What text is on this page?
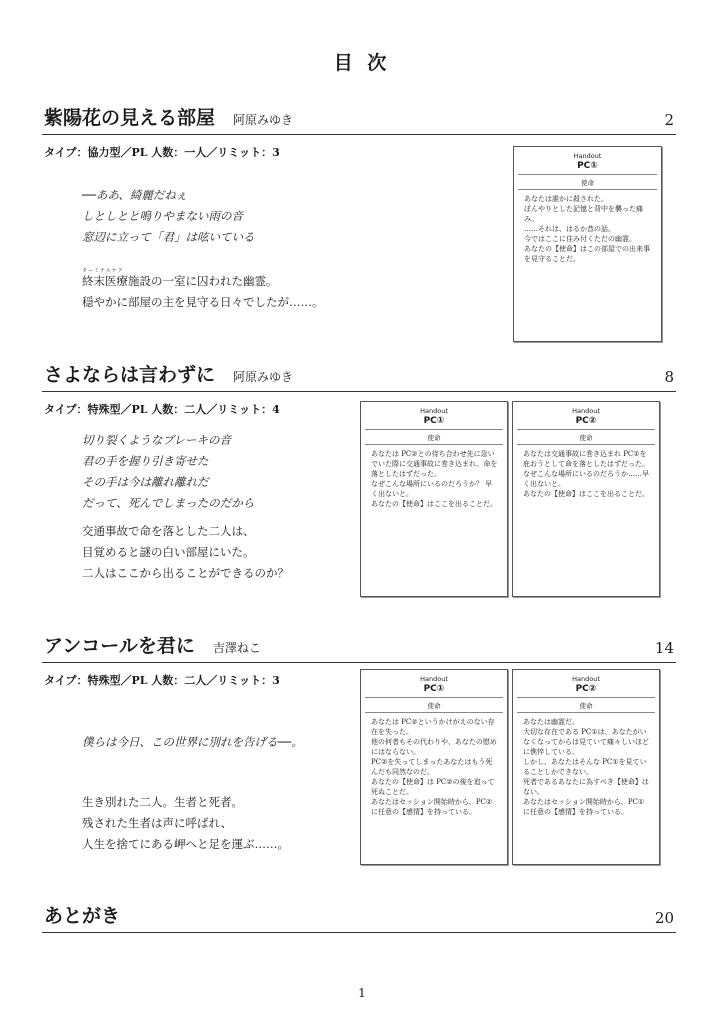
目 次
紫陽花の見える部屋 阿原みゆき	2
タイプ：協力型／PL 人数：一人／リミット：3
──ああ、綺麗だねぇ
しとしとと鳴りやまない雨の音
窓辺に立って「君」は呟いている
ターミナルケア
終末医療施設の一室に囚われた幽霊。
穏やかに部屋の主を見守る日々でしたが……。
Handout
PC①
使命
あなたは誰かに殺された。
ぼんやりとした記憶と背中を襲った痛み。
……それは、はるか昔の話。
今ではここに住み付くただの幽霊。
あなたの【使命】はこの部屋での出来事を見守ることだ。
さよならは言わずに 阿原みゆき	8
タイプ：特殊型／PL 人数：二人／リミット：4
切り裂くようなブレーキの音
君の手を握り引き寄せた
その手は今は離れ離れだ
だって、死んでしまったのだから
交通事故で命を落とした二人は、
目覚めると謎の白い部屋にいた。
二人はここから出ることができるのか？
Handout
PC①
使命
あなたは PC②との待ち合わせ先に急いでいた際に交通事故に巻き込まれ、命を落としたはずだった。
なぜこんな場所にいるのだろうか？ 早く出ないと。
あなたの【使命】はここを出ることだ。
Handout
PC②
使命
あなたは交通事故に巻き込まれ PC①を庇おうとして命を落としたはずだった。
なぜこんな場所にいるのだろうか……早く出ないと。
あなたの【使命】はここを出ることだ。
アンコールを君に 吉澤ねこ	14
タイプ：特殊型／PL 人数：二人／リミット：3
僕らは今日、この世界に別れを告げる──。
生き別れた二人。生者と死者。
残された生者は声に呼ばれ、
人生を捨てにある岬へと足を運ぶ……。
Handout
PC①
使命
あなたは PC②というかけがえのない存在を失った。
他の何者もその代わりや、あなたの慰めにはならない。
PC②を失ってしまったあなたはもう死んだも同然なのだ。
あなたの【使命】は PC②の後を追って死ぬことだ。
あなたはセッション開始時から、PC②に任意の【感情】を持っている。
Handout
PC②
使命
あなたは幽霊だ。
大切な存在である PC①は、あなたがいなくなってからは見ていて痛々しいほどに憔悴している。
しかし、あなたはそんな PC①を見ていることしかできない。
死者であるあなたに為すべき【使命】はない。
あなたはセッション開始時から、PC①に任意の【感情】を持っている。
あとがき	20
1
